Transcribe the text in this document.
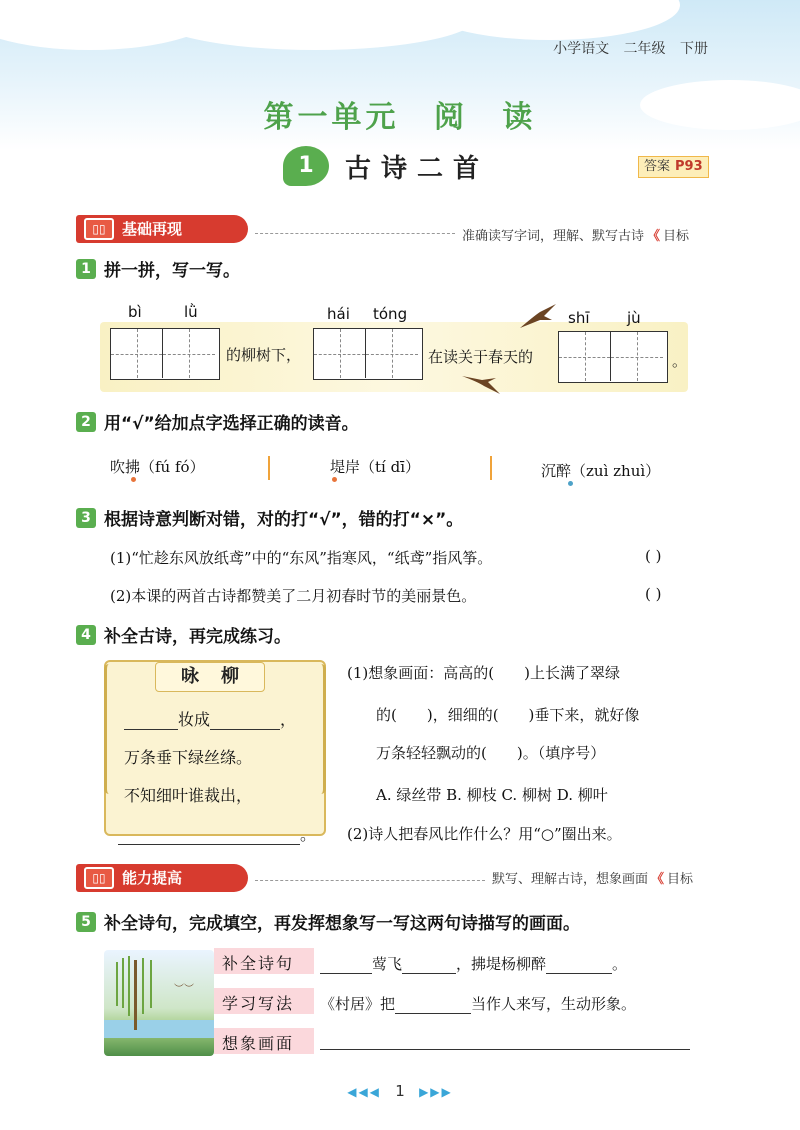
小学语文 二年级 下册
第一单元 阅 读
1	古诗二首	答案 P93
基础再现
▯▯	准确读写字词，理解、默写古诗 《 目标
1 拼一拼，写一写。
bì	lǜ
的柳树下，
hái tóng
在读关于春天的
shī	jù
。
2 用“√”给加点字选择正确的读音。
吹拂（fú fó）	堤岸（tí dī）	沉醉（zuì zhuì）
3 根据诗意判断对错，对的打“√”，错的打“×”。
(1)“忙趁东风放纸鸢”中的“东风”指寒风，“纸鸢”指风筝。	( )
(2)本课的两首古诗都赞美了二月初春时节的美丽景色。	( )
4 补全古诗，再完成练习。
咏柳
妆成	，
万条垂下绿丝绦。
不知细叶谁裁出，
。
(1)想象画面：高高的(　　)上长满了翠绿
的(　　)，细细的(　　)垂下来，就好像
万条轻轻飘动的(　　)。（填序号）
A. 绿丝带 B. 柳枝 C. 柳树 D. 柳叶
(2)诗人把春风比作什么？用“○”圈出来。
能力提高
▯▯	默写、理解古诗，想象画面 《 目标
5 补全诗句，完成填空，再发挥想象写一写这两句诗描写的画面。
︶︶
补全诗句	莺飞	，拂堤杨柳醉	。
学习写法 《村居》把	当作人来写，生动形象。
想象画面
◀◀◀ 1 ▶▶▶
